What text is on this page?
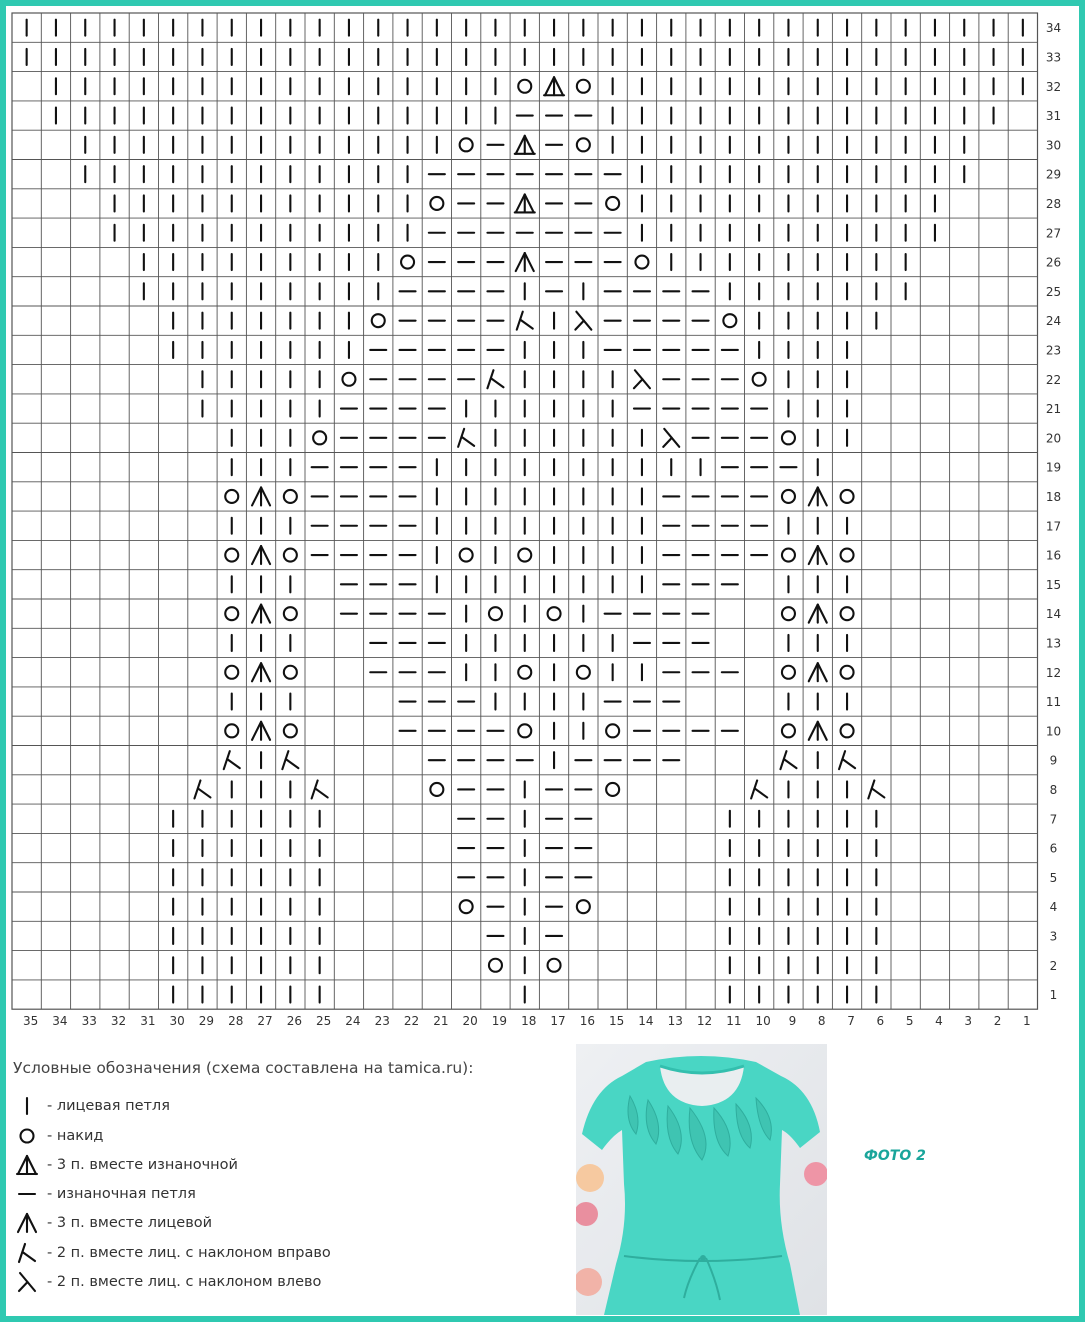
34
33
32
31
30
29
28
27
26
25
24
23
22
21
20
19
18
17
16
15
14
13
12
11
10
9
8
7
6
5
4
3
2
1
35 34 33 32 31 30 29 28 27 26 25 24 23 22 21 20 19 18 17 16 15 14 13 12 11 10 9 8 7 6 5 4 3 2 1
Условные обозначения (схема составлена на tamica.ru):
- лицевая петля
- накид
- 3 п. вместе изнаночной
- изнаночная петля
- 3 п. вместе лицевой
- 2 п. вместе лиц. с наклоном вправо
- 2 п. вместе лиц. с наклоном влево
ФОТО 2
